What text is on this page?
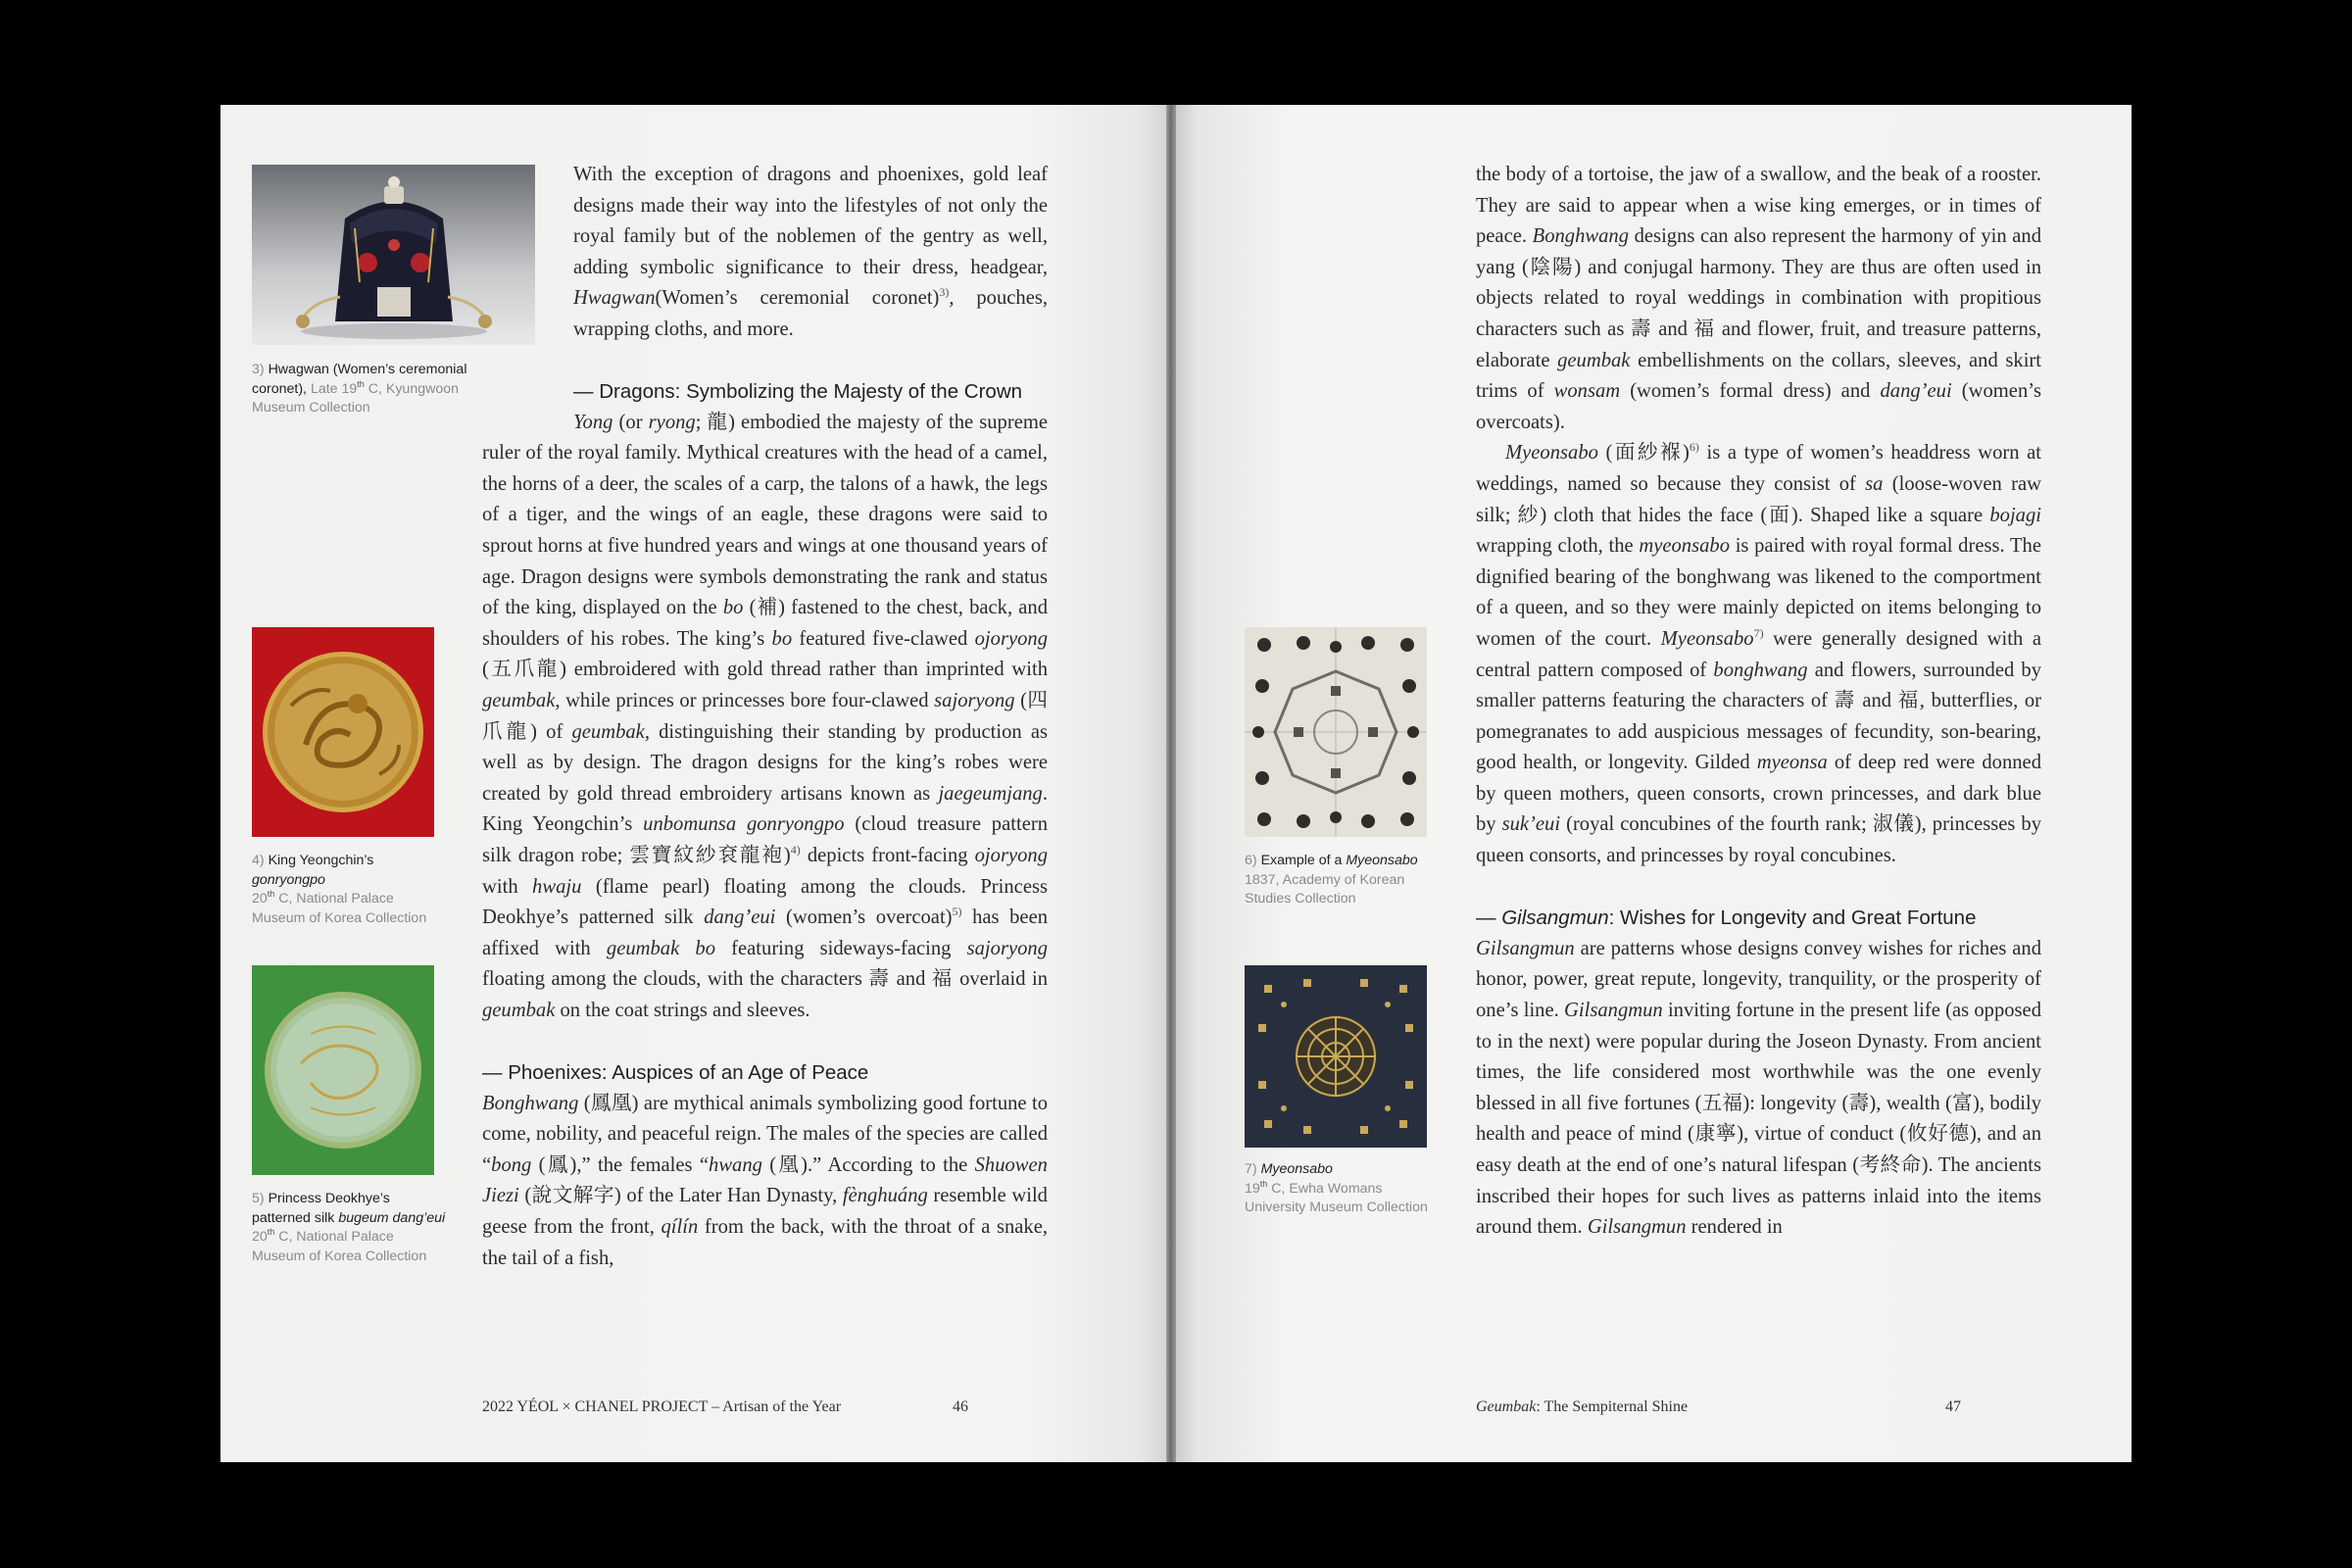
3) Hwagwan (Women’s ceremonial coronet), Late 19th C, Kyungwoon Museum Collection
4) King Yeongchin’s gonryongpo
20th C, National Palace Museum of Korea Collection
5) Princess Deokhye’s patterned silk bugeum dang’eui
20th C, National Palace Museum of Korea Collection

With the exception of dragons and phoenixes, gold leaf designs made their way into the lifestyles of not only the royal family but of the noblemen of the gentry as well, adding symbolic significance to their dress, headgear, Hwagwan(Women’s ceremonial coronet)$^{3)}$, pouches, wrapping cloths, and more.

— Dragons: Symbolizing the Majesty of the Crown

Yong (or ryong; 龍) embodied the majesty of the supreme ruler of the royal family. Mythical creatures with the head of a camel, the horns of a deer, the scales of a carp, the talons of a hawk, the legs of a tiger, and the wings of an eagle, these dragons were said to sprout horns at five hundred years and wings at one thousand years of age. Dragon designs were symbols demonstrating the rank and status of the king, displayed on the bo (補) fastened to the chest, back, and shoulders of his robes. The king’s bo featured five-clawed ojoryong (五爪龍) embroidered with gold thread rather than imprinted with geumbak, while princes or princesses bore four-clawed sajoryong (四爪龍) of geumbak, distinguishing their standing by production as well as by design. The dragon designs for the king’s robes were created by gold thread embroidery artisans known as jaegeumjang. King Yeongchin’s unbomunsa gonryongpo (cloud treasure pattern silk dragon robe; 雲寶紋紗袞龍袍)$^{4)}$ depicts front-facing ojoryong with hwaju (flame pearl) floating among the clouds. Princess Deokhye’s patterned silk dang’eui (women’s overcoat)$^{5)}$ has been affixed with geumbak bo featuring sideways-facing sajoryong floating among the clouds, with the characters 壽 and 福 overlaid in geumbak on the coat strings and sleeves.

— Phoenixes: Auspices of an Age of Peace

Bonghwang (鳳凰) are mythical animals symbolizing good fortune to come, nobility, and peaceful reign. The males of the species are called “bong (鳳),” the females “hwang (凰).” According to the Shuowen Jiezi (說文解字) of the Later Han Dynasty, fènghuáng resemble wild geese from the front, qílín from the back, with the throat of a snake, the tail of a fish,

2022 YÉOL × CHANEL PROJECT – Artisan of the Year	46
6) Example of a Myeonsabo
1837, Academy of Korean Studies Collection
7) Myeonsabo
19th C, Ewha Womans University Museum Collection

the body of a tortoise, the jaw of a swallow, and the beak of a rooster. They are said to appear when a wise king emerges, or in times of peace. Bonghwang designs can also represent the harmony of yin and yang (陰陽) and conjugal harmony. They are thus are often used in objects related to royal weddings in combination with propitious characters such as 壽 and 福 and flower, fruit, and treasure patterns, elaborate geumbak embellishments on the collars, sleeves, and skirt trims of wonsam (women’s formal dress) and dang’eui (women’s overcoats).

Myeonsabo (面紗褓)$^{6)}$ is a type of women’s headdress worn at weddings, named so because they consist of sa (loose-woven raw silk; 紗) cloth that hides the face (面). Shaped like a square bojagi wrapping cloth, the myeonsabo is paired with royal formal dress. The dignified bearing of the bonghwang was likened to the comportment of a queen, and so they were mainly depicted on items belonging to women of the court. Myeonsabo$^{7)}$ were generally designed with a central pattern composed of bonghwang and flowers, surrounded by smaller patterns featuring the characters of 壽 and 福, butterflies, or pomegranates to add auspicious messages of fecundity, son-bearing, good health, or longevity. Gilded myeonsa of deep red were donned by queen mothers, queen consorts, crown princesses, and dark blue by suk’eui (royal concubines of the fourth rank; 淑儀), princesses by queen consorts, and princesses by royal concubines.

— Gilsangmun: Wishes for Longevity and Great Fortune

Gilsangmun are patterns whose designs convey wishes for riches and honor, power, great repute, longevity, tranquility, or the prosperity of one’s line. Gilsangmun inviting fortune in the present life (as opposed to in the next) were popular during the Joseon Dynasty. From ancient times, the life considered most worthwhile was the one evenly blessed in all five fortunes (五福): longevity (壽), wealth (富), bodily health and peace of mind (康寧), virtue of conduct (攸好德), and an easy death at the end of one’s natural lifespan (考終命). The ancients inscribed their hopes for such lives as patterns inlaid into the items around them. Gilsangmun rendered in

Geumbak: The Sempiternal Shine	47
